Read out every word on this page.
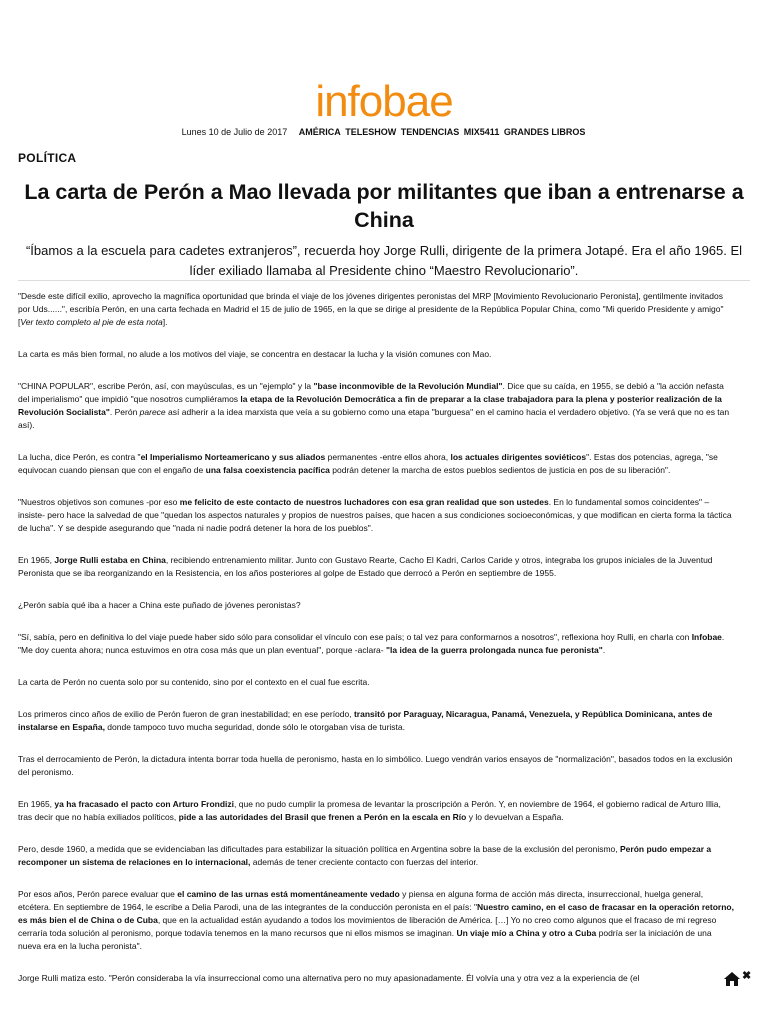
infobae
Lunes 10 de Julio de 2017 AMÉRICA TELESHOW TENDENCIAS MIX5411 GRANDES LIBROS
POLÍTICA
La carta de Perón a Mao llevada por militantes que iban a entrenarse a China
“Íbamos a la escuela para cadetes extranjeros”, recuerda hoy Jorge Rulli, dirigente de la primera Jotapé. Era el año 1965. El líder exiliado llamaba al Presidente chino “Maestro Revolucionario”.

"Desde este difícil exilio, aprovecho la magnífica oportunidad que brinda el viaje de los jóvenes dirigentes peronistas del MRP [Movimiento Revolucionario Peronista], gentilmente invitados por Uds......", escribía Perón, en una carta fechada en Madrid el 15 de julio de 1965, en la que se dirige al presidente de la República Popular China, como "Mi querido Presidente y amigo" [Ver texto completo al pie de esta nota].

La carta es más bien formal, no alude a los motivos del viaje, se concentra en destacar la lucha y la visión comunes con Mao.

"CHINA POPULAR", escribe Perón, así, con mayúsculas, es un "ejemplo" y la "base inconmovible de la Revolución Mundial". Dice que su caída, en 1955, se debió a "la acción nefasta del imperialismo" que impidió "que nosotros cumpliéramos la etapa de la Revolución Democrática a fin de preparar a la clase trabajadora para la plena y posterior realización de la Revolución Socialista". Perón parece así adherir a la idea marxista que veía a su gobierno como una etapa "burguesa" en el camino hacia el verdadero objetivo. (Ya se verá que no es tan así).

La lucha, dice Perón, es contra "el Imperialismo Norteamericano y sus aliados permanentes -entre ellos ahora, los actuales dirigentes soviéticos". Estas dos potencias, agrega, "se equivocan cuando piensan que con el engaño de una falsa coexistencia pacífica podrán detener la marcha de estos pueblos sedientos de justicia en pos de su liberación".

"Nuestros objetivos son comunes -por eso me felicito de este contacto de nuestros luchadores con esa gran realidad que son ustedes. En lo fundamental somos coincidentes" – insiste- pero hace la salvedad de que "quedan los aspectos naturales y propios de nuestros países, que hacen a sus condiciones socioeconómicas, y que modifican en cierta forma la táctica de lucha". Y se despide asegurando que "nada ni nadie podrá detener la hora de los pueblos".

En 1965, Jorge Rulli estaba en China, recibiendo entrenamiento militar. Junto con Gustavo Rearte, Cacho El Kadri, Carlos Caride y otros, integraba los grupos iniciales de la Juventud Peronista que se iba reorganizando en la Resistencia, en los años posteriores al golpe de Estado que derrocó a Perón en septiembre de 1955.

¿Perón sabía qué iba a hacer a China este puñado de jóvenes peronistas?

"Sí, sabía, pero en definitiva lo del viaje puede haber sido sólo para consolidar el vínculo con ese país; o tal vez para conformarnos a nosotros", reflexiona hoy Rulli, en charla con Infobae. "Me doy cuenta ahora; nunca estuvimos en otra cosa más que un plan eventual", porque -aclara- "la idea de la guerra prolongada nunca fue peronista".

La carta de Perón no cuenta solo por su contenido, sino por el contexto en el cual fue escrita.

Los primeros cinco años de exilio de Perón fueron de gran inestabilidad; en ese período, transitó por Paraguay, Nicaragua, Panamá, Venezuela, y República Dominicana, antes de instalarse en España, donde tampoco tuvo mucha seguridad, donde sólo le otorgaban visa de turista.

Tras el derrocamiento de Perón, la dictadura intenta borrar toda huella de peronismo, hasta en lo simbólico. Luego vendrán varios ensayos de "normalización", basados todos en la exclusión del peronismo.

En 1965, ya ha fracasado el pacto con Arturo Frondizi, que no pudo cumplir la promesa de levantar la proscripción a Perón. Y, en noviembre de 1964, el gobierno radical de Arturo Illia, tras decir que no había exiliados políticos, pide a las autoridades del Brasil que frenen a Perón en la escala en Río y lo devuelvan a España.

Pero, desde 1960, a medida que se evidenciaban las dificultades para estabilizar la situación política en Argentina sobre la base de la exclusión del peronismo, Perón pudo empezar a recomponer un sistema de relaciones en lo internacional, además de tener creciente contacto con fuerzas del interior.

Por esos años, Perón parece evaluar que el camino de las urnas está momentáneamente vedado y piensa en alguna forma de acción más directa, insurreccional, huelga general, etcétera. En septiembre de 1964, le escribe a Delia Parodi, una de las integrantes de la conducción peronista en el país: "Nuestro camino, en el caso de fracasar en la operación retorno, es más bien el de China o de Cuba, que en la actualidad están ayudando a todos los movimientos de liberación de América. […] Yo no creo como algunos que el fracaso de mi regreso cerraría toda solución al peronismo, porque todavía tenemos en la mano recursos que ni ellos mismos se imaginan. Un viaje mío a China y otro a Cuba podría ser la iniciación de una nueva era en la lucha peronista".

Jorge Rulli matiza esto. "Perón consideraba la vía insurreccional como una alternativa pero no muy apasionadamente. Él volvía una y otra vez a la experiencia de (el	✖
